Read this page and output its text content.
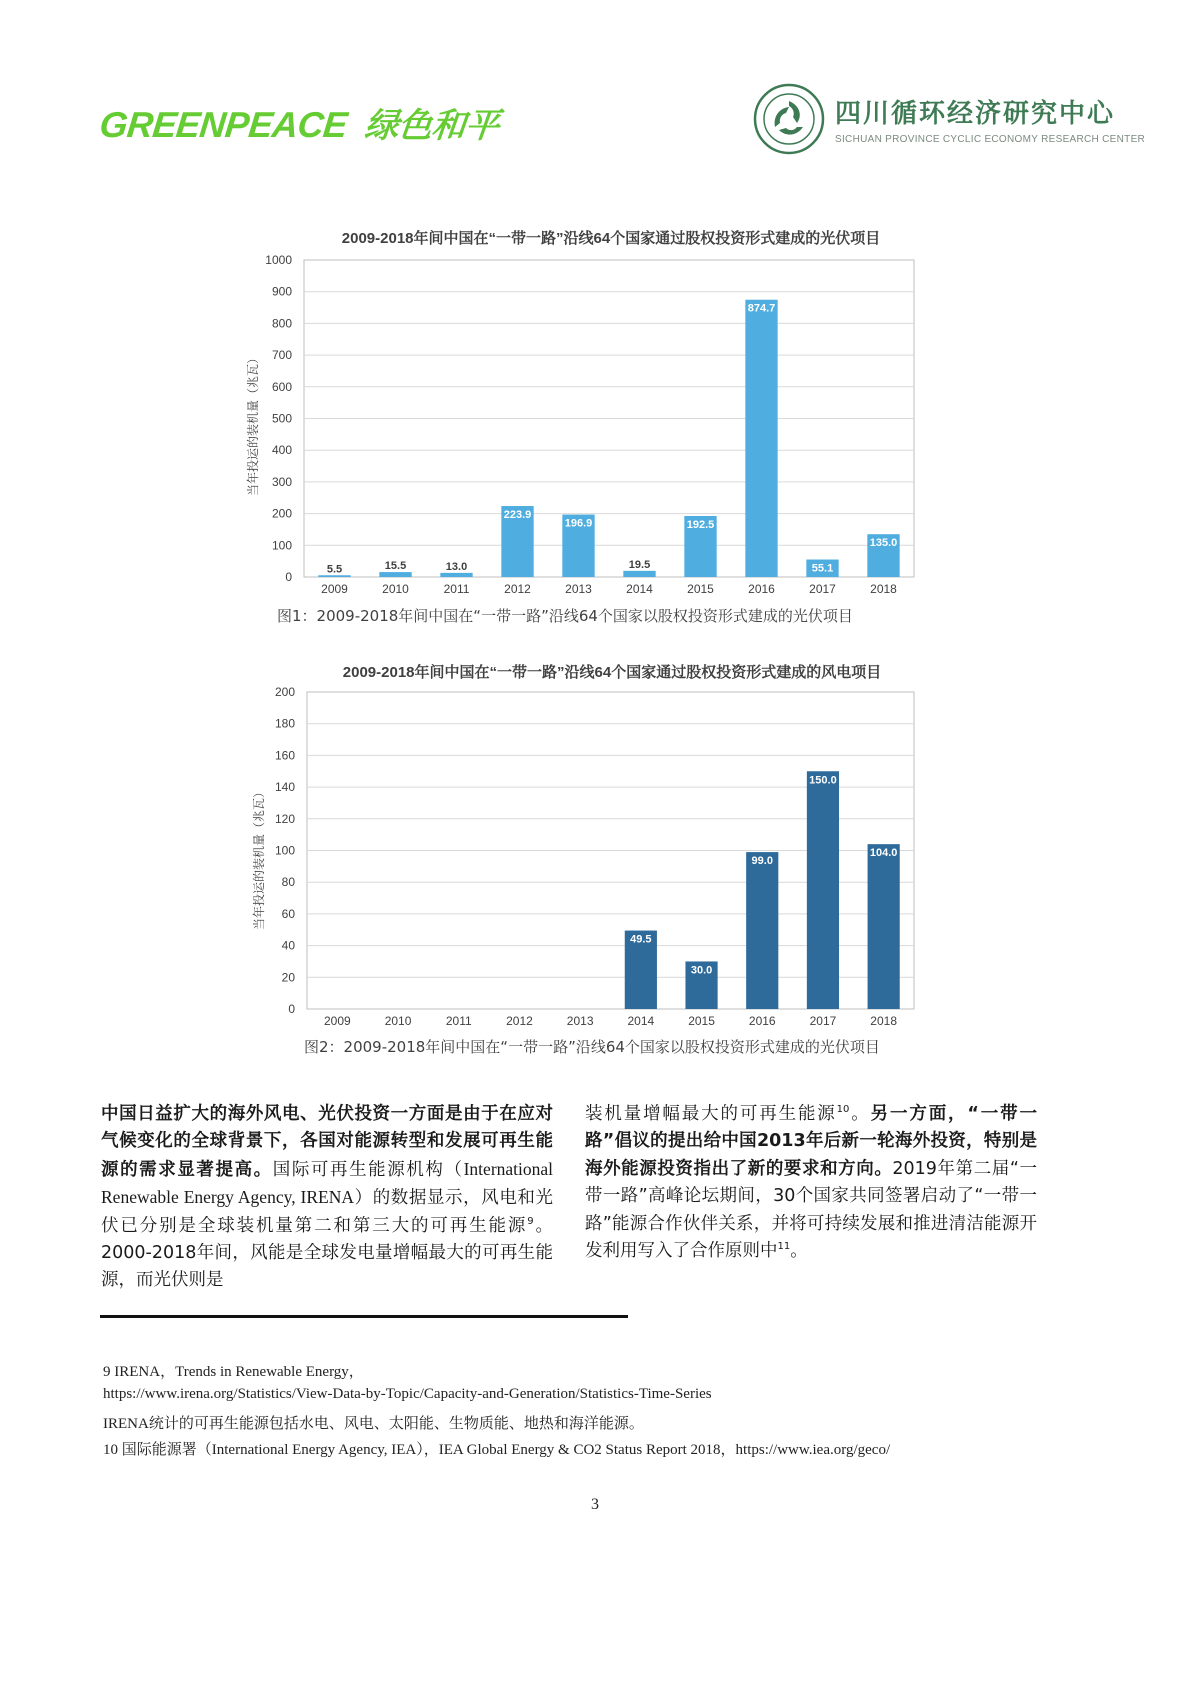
GREENPEACE 绿色和平	四川循环经济研究中心
SICHUAN PROVINCE CYCLIC ECONOMY RESEARCH CENTER
2009-2018年间中国在“一带一路”沿线64个国家通过股权投资形式建成的光伏项目
0
100
200
300
400
500
600
700
800
900
1000
2009	2010	2011	2012	2013	2014	2015	2016	2017	2018
5.5	15.5	13.0
223.9
196.9
19.5
192.5
874.7
55.1
135.0
当年投运的装机量（兆瓦）
图1：2009-2018年间中国在“一带一路”沿线64个国家以股权投资形式建成的光伏项目
2009-2018年间中国在“一带一路”沿线64个国家通过股权投资形式建成的风电项目
0
20
40
60
80
100
120
140
160
180
200
2009	2010	2011	2012	2013	2014	2015	2016	2017	2018
49.5
30.0
99.0
150.0
104.0
当年投运的装机量（兆瓦）
图2：2009-2018年间中国在“一带一路”沿线64个国家以股权投资形式建成的光伏项目

中国日益扩大的海外风电、光伏投资一方面是由于在应对气候变化的全球背景下，各国对能源转型和发展可再生能源的需求显著提高。国际可再生能源机构（International Renewable Energy Agency, IRENA）的数据显示，风电和光伏已分别是全球装机量第二和第三大的可再生能源$^9$。2000-2018年间，风能是全球发电量增幅最大的可再生能源，而光伏则是

装机量增幅最大的可再生能源$^{10}$。另一方面，“一带一路”倡议的提出给中国2013年后新一轮海外投资，特别是海外能源投资指出了新的要求和方向。2019年第二届“一带一路”高峰论坛期间，30个国家共同签署启动了“一带一路”能源合作伙伴关系，并将可持续发展和推进清洁能源开发利用写入了合作原则中$^{11}$。

9 IRENA，Trends in Renewable Energy，
https://www.irena.org/Statistics/View-Data-by-Topic/Capacity-and-Generation/Statistics-Time-Series
IRENA统计的可再生能源包括水电、风电、太阳能、生物质能、地热和海洋能源。
10 国际能源署（International Energy Agency, IEA），IEA Global Energy & CO2 Status Report 2018，https://www.iea.org/geco/
3
